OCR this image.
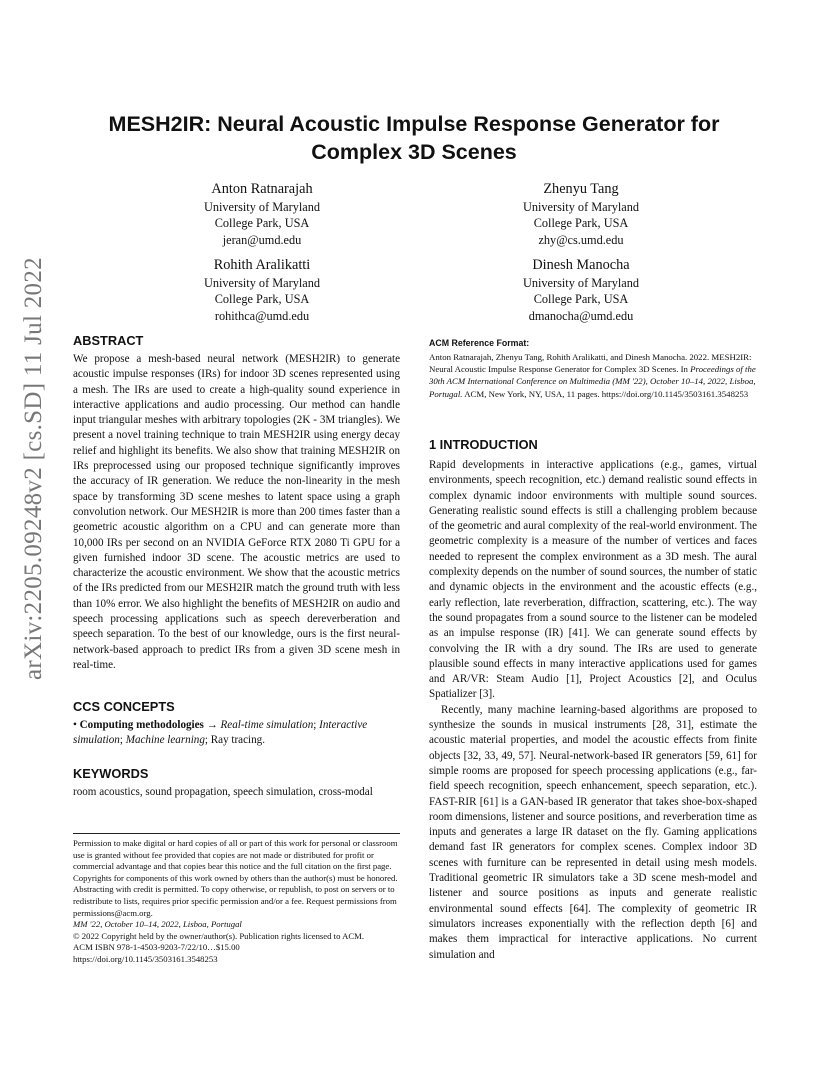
arXiv:2205.09248v2 [cs.SD] 11 Jul 2022
MESH2IR: Neural Acoustic Impulse Response Generator for
Complex 3D Scenes
Anton Ratnarajah
University of Maryland
College Park, USA
jeran@umd.edu
Zhenyu Tang
University of Maryland
College Park, USA
zhy@cs.umd.edu
Rohith Aralikatti
University of Maryland
College Park, USA
rohithca@umd.edu
Dinesh Manocha
University of Maryland
College Park, USA
dmanocha@umd.edu
ABSTRACT

We propose a mesh-based neural network (MESH2IR) to generate acoustic impulse responses (IRs) for indoor 3D scenes represented using a mesh. The IRs are used to create a high-quality sound experience in interactive applications and audio processing. Our method can handle input triangular meshes with arbitrary topologies (2K - 3M triangles). We present a novel training technique to train MESH2IR using energy decay relief and highlight its benefits. We also show that training MESH2IR on IRs preprocessed using our proposed technique significantly improves the accuracy of IR generation. We reduce the non-linearity in the mesh space by transforming 3D scene meshes to latent space using a graph convolution network. Our MESH2IR is more than 200 times faster than a geometric acoustic algorithm on a CPU and can generate more than 10,000 IRs per second on an NVIDIA GeForce RTX 2080 Ti GPU for a given furnished indoor 3D scene. The acoustic metrics are used to characterize the acoustic environment. We show that the acoustic metrics of the IRs predicted from our MESH2IR match the ground truth with less than 10% error. We also highlight the benefits of MESH2IR on audio and speech processing applications such as speech dereverberation and speech separation. To the best of our knowledge, ours is the first neural-network-based approach to predict IRs from a given 3D scene mesh in real-time.

CCS CONCEPTS

• Computing methodologies → Real-time simulation; Interactive simulation; Machine learning; Ray tracing.

KEYWORDS

room acoustics, sound propagation, speech simulation, cross-modal

Permission to make digital or hard copies of all or part of this work for personal or classroom use is granted without fee provided that copies are not made or distributed for profit or commercial advantage and that copies bear this notice and the full citation on the first page. Copyrights for components of this work owned by others than the author(s) must be honored. Abstracting with credit is permitted. To copy otherwise, or republish, to post on servers or to redistribute to lists, requires prior specific permission and/or a fee. Request permissions from permissions@acm.org.

MM '22, October 10–14, 2022, Lisboa, Portugal

© 2022 Copyright held by the owner/author(s). Publication rights licensed to ACM.

ACM ISBN 978-1-4503-9203-7/22/10…$15.00

https://doi.org/10.1145/3503161.3548253

ACM Reference Format:

Anton Ratnarajah, Zhenyu Tang, Rohith Aralikatti, and Dinesh Manocha. 2022. MESH2IR: Neural Acoustic Impulse Response Generator for Complex 3D Scenes. In Proceedings of the 30th ACM International Conference on Multimedia (MM '22), October 10–14, 2022, Lisboa, Portugal. ACM, New York, NY, USA, 11 pages. https://doi.org/10.1145/3503161.3548253

1 INTRODUCTION

Rapid developments in interactive applications (e.g., games, virtual environments, speech recognition, etc.) demand realistic sound effects in complex dynamic indoor environments with multiple sound sources. Generating realistic sound effects is still a challenging problem because of the geometric and aural complexity of the real-world environment. The geometric complexity is a measure of the number of vertices and faces needed to represent the complex environment as a 3D mesh. The aural complexity depends on the number of sound sources, the number of static and dynamic objects in the environment and the acoustic effects (e.g., early reflection, late reverberation, diffraction, scattering, etc.). The way the sound propagates from a sound source to the listener can be modeled as an impulse response (IR) [41]. We can generate sound effects by convolving the IR with a dry sound. The IRs are used to generate plausible sound effects in many interactive applications used for games and AR/VR: Steam Audio [1], Project Acoustics [2], and Oculus Spatializer [3].

Recently, many machine learning-based algorithms are proposed to synthesize the sounds in musical instruments [28, 31], estimate the acoustic material properties, and model the acoustic effects from finite objects [32, 33, 49, 57]. Neural-network-based IR generators [59, 61] for simple rooms are proposed for speech processing applications (e.g., far-field speech recognition, speech enhancement, speech separation, etc.). FAST-RIR [61] is a GAN-based IR generator that takes shoe-box-shaped room dimensions, listener and source positions, and reverberation time as inputs and generates a large IR dataset on the fly. Gaming applications demand fast IR generators for complex scenes. Complex indoor 3D scenes with furniture can be represented in detail using mesh models. Traditional geometric IR simulators take a 3D scene mesh-model and listener and source positions as inputs and generate realistic environmental sound effects [64]. The complexity of geometric IR simulators increases exponentially with the reflection depth [6] and makes them impractical for interactive applications. No current simulation and
